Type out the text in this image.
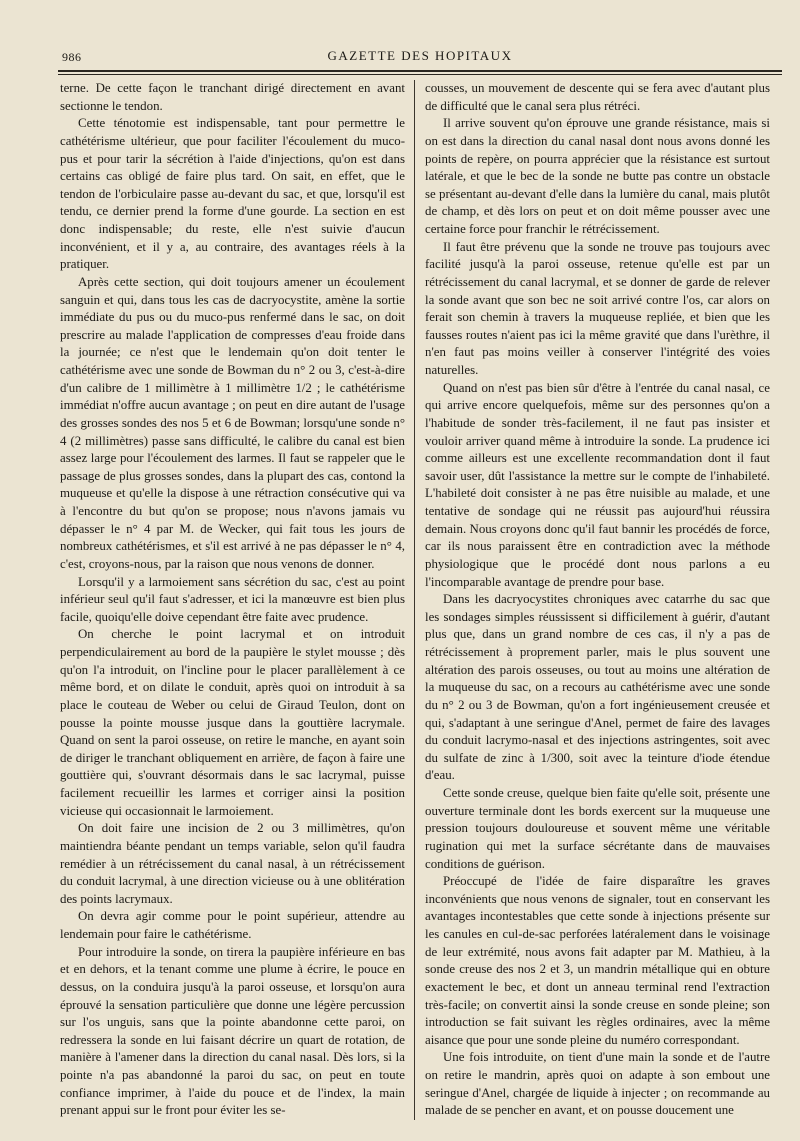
986	GAZETTE DES HOPITAUX

terne. De cette façon le tranchant dirigé directement en avant sectionne le tendon.

Cette ténotomie est indispensable, tant pour permettre le cathétérisme ultérieur, que pour faciliter l'écoulement du muco-pus et pour tarir la sécrétion à l'aide d'injections, qu'on est dans certains cas obligé de faire plus tard. On sait, en effet, que le tendon de l'orbiculaire passe au-devant du sac, et que, lorsqu'il est tendu, ce dernier prend la forme d'une gourde. La section en est donc indispensable; du reste, elle n'est suivie d'aucun inconvénient, et il y a, au contraire, des avantages réels à la pratiquer.

Après cette section, qui doit toujours amener un écoulement sanguin et qui, dans tous les cas de dacryocystite, amène la sortie immédiate du pus ou du muco-pus renfermé dans le sac, on doit prescrire au malade l'application de compresses d'eau froide dans la journée; ce n'est que le lendemain qu'on doit tenter le cathétérisme avec une sonde de Bowman du n° 2 ou 3, c'est-à-dire d'un calibre de 1 millimètre à 1 millimètre 1/2 ; le cathétérisme immédiat n'offre aucun avantage ; on peut en dire autant de l'usage des grosses sondes des nos 5 et 6 de Bowman; lorsqu'une sonde n° 4 (2 millimètres) passe sans difficulté, le calibre du canal est bien assez large pour l'écoulement des larmes. Il faut se rappeler que le passage de plus grosses sondes, dans la plupart des cas, contond la muqueuse et qu'elle la dispose à une rétraction consécutive qui va à l'encontre du but qu'on se propose; nous n'avons jamais vu dépasser le n° 4 par M. de Wecker, qui fait tous les jours de nombreux cathétérismes, et s'il est arrivé à ne pas dépasser le n° 4, c'est, croyons-nous, par la raison que nous venons de donner.

Lorsqu'il y a larmoiement sans sécrétion du sac, c'est au point inférieur seul qu'il faut s'adresser, et ici la manœuvre est bien plus facile, quoiqu'elle doive cependant être faite avec prudence.

On cherche le point lacrymal et on introduit perpendiculairement au bord de la paupière le stylet mousse ; dès qu'on l'a introduit, on l'incline pour le placer parallèlement à ce même bord, et on dilate le conduit, après quoi on introduit à sa place le couteau de Weber ou celui de Giraud Teulon, dont on pousse la pointe mousse jusque dans la gouttière lacrymale. Quand on sent la paroi osseuse, on retire le manche, en ayant soin de diriger le tranchant obliquement en arrière, de façon à faire une gouttière qui, s'ouvrant désormais dans le sac lacrymal, puisse facilement recueillir les larmes et corriger ainsi la position vicieuse qui occasionnait le larmoiement.

On doit faire une incision de 2 ou 3 millimètres, qu'on maintiendra béante pendant un temps variable, selon qu'il faudra remédier à un rétrécissement du canal nasal, à un rétrécissement du conduit lacrymal, à une direction vicieuse ou à une oblitération des points lacrymaux.

On devra agir comme pour le point supérieur, attendre au lendemain pour faire le cathétérisme.

Pour introduire la sonde, on tirera la paupière inférieure en bas et en dehors, et la tenant comme une plume à écrire, le pouce en dessus, on la conduira jusqu'à la paroi osseuse, et lorsqu'on aura éprouvé la sensation particulière que donne une légère percussion sur l'os unguis, sans que la pointe abandonne cette paroi, on redressera la sonde en lui faisant décrire un quart de rotation, de manière à l'amener dans la direction du canal nasal. Dès lors, si la pointe n'a pas abandonné la paroi du sac, on peut en toute confiance imprimer, à l'aide du pouce et de l'index, la main prenant appui sur le front pour éviter les se-

cousses, un mouvement de descente qui se fera avec d'autant plus de difficulté que le canal sera plus rétréci.

Il arrive souvent qu'on éprouve une grande résistance, mais si on est dans la direction du canal nasal dont nous avons donné les points de repère, on pourra apprécier que la résistance est surtout latérale, et que le bec de la sonde ne butte pas contre un obstacle se présentant au-devant d'elle dans la lumière du canal, mais plutôt de champ, et dès lors on peut et on doit même pousser avec une certaine force pour franchir le rétrécissement.

Il faut être prévenu que la sonde ne trouve pas toujours avec facilité jusqu'à la paroi osseuse, retenue qu'elle est par un rétrécissement du canal lacrymal, et se donner de garde de relever la sonde avant que son bec ne soit arrivé contre l'os, car alors on ferait son chemin à travers la muqueuse repliée, et bien que les fausses routes n'aient pas ici la même gravité que dans l'urèthre, il n'en faut pas moins veiller à conserver l'intégrité des voies naturelles.

Quand on n'est pas bien sûr d'être à l'entrée du canal nasal, ce qui arrive encore quelquefois, même sur des personnes qu'on a l'habitude de sonder très-facilement, il ne faut pas insister et vouloir arriver quand même à introduire la sonde. La prudence ici comme ailleurs est une excellente recommandation dont il faut savoir user, dût l'assistance la mettre sur le compte de l'inhabileté. L'habileté doit consister à ne pas être nuisible au malade, et une tentative de sondage qui ne réussit pas aujourd'hui réussira demain. Nous croyons donc qu'il faut bannir les procédés de force, car ils nous paraissent être en contradiction avec la méthode physiologique que le procédé dont nous parlons a eu l'incomparable avantage de prendre pour base.

Dans les dacryocystites chroniques avec catarrhe du sac que les sondages simples réussissent si difficilement à guérir, d'autant plus que, dans un grand nombre de ces cas, il n'y a pas de rétrécissement à proprement parler, mais le plus souvent une altération des parois osseuses, ou tout au moins une altération de la muqueuse du sac, on a recours au cathétérisme avec une sonde du n° 2 ou 3 de Bowman, qu'on a fort ingénieusement creusée et qui, s'adaptant à une seringue d'Anel, permet de faire des lavages du conduit lacrymo-nasal et des injections astringentes, soit avec du sulfate de zinc à 1/300, soit avec la teinture d'iode étendue d'eau.

Cette sonde creuse, quelque bien faite qu'elle soit, présente une ouverture terminale dont les bords exercent sur la muqueuse une pression toujours douloureuse et souvent même une véritable rugination qui met la surface sécrétante dans de mauvaises conditions de guérison.

Préoccupé de l'idée de faire disparaître les graves inconvénients que nous venons de signaler, tout en conservant les avantages incontestables que cette sonde à injections présente sur les canules en cul-de-sac perforées latéralement dans le voisinage de leur extrémité, nous avons fait adapter par M. Mathieu, à la sonde creuse des nos 2 et 3, un mandrin métallique qui en obture exactement le bec, et dont un anneau terminal rend l'extraction très-facile; on convertit ainsi la sonde creuse en sonde pleine; son introduction se fait suivant les règles ordinaires, avec la même aisance que pour une sonde pleine du numéro correspondant.

Une fois introduite, on tient d'une main la sonde et de l'autre on retire le mandrin, après quoi on adapte à son embout une seringue d'Anel, chargée de liquide à injecter ; on recommande au malade de se pencher en avant, et on pousse doucement une
